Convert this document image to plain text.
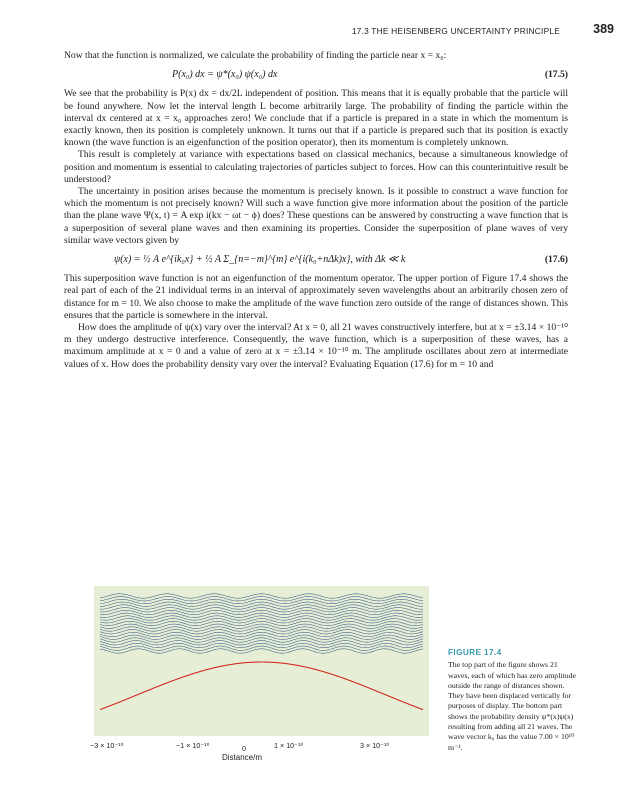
17.3 THE HEISENBERG UNCERTAINTY PRINCIPLE	389

Now that the function is normalized, we calculate the probability of finding the particle near x = x₀:

P(x₀) dx = ψ*(x₀) ψ(x₀) dx	(17.5)

We see that the probability is P(x) dx = dx/2L independent of position. This means that it is equally probable that the particle will be found anywhere. Now let the interval length L become arbitrarily large. The probability of finding the particle within the interval dx centered at x = x₀ approaches zero! We conclude that if a particle is prepared in a state in which the momentum is exactly known, then its position is completely unknown. It turns out that if a particle is prepared such that its position is exactly known (the wave function is an eigenfunction of the position operator), then its momentum is completely unknown.

This result is completely at variance with expectations based on classical mechanics, because a simultaneous knowledge of position and momentum is essential to calculating trajectories of particles subject to forces. How can this counterintuitive result be understood?

The uncertainty in position arises because the momentum is precisely known. Is it possible to construct a wave function for which the momentum is not precisely known? Will such a wave function give more information about the position of the particle than the plane wave Ψ(x, t) = A exp i(kx − ωt − ϕ) does? These questions can be answered by constructing a wave function that is a superposition of several plane waves and then examining its properties. Consider the superposition of plane waves of very similar wave vectors given by

ψ(x) = ½ A e^{ik₀x} + ½ A Σ_{n=−m}^{m} e^{i(k₀+nΔk)x}, with Δk ≪ k	(17.6)

This superposition wave function is not an eigenfunction of the momentum operator. The upper portion of Figure 17.4 shows the real part of each of the 21 individual terms in an interval of approximately seven wavelengths about an arbitrarily chosen zero of distance for m = 10. We also choose to make the amplitude of the wave function zero outside of the range of distances shown. This ensures that the particle is somewhere in the interval.

How does the amplitude of ψ(x) vary over the interval? At x = 0, all 21 waves constructively interfere, but at x = ±3.14 × 10⁻¹⁰ m they undergo destructive interference. Consequently, the wave function, which is a superposition of these waves, has a maximum amplitude at x = 0 and a value of zero at x = ±3.14 × 10⁻¹⁰ m. The amplitude oscillates about zero at intermediate values of x. How does the probability density vary over the interval? Evaluating Equation (17.6) for m = 10 and

−3 × 10⁻¹⁰	−1 × 10⁻¹⁰	0	1 × 10⁻¹⁰	3 × 10⁻¹⁰
Distance/m
FIGURE 17.4
The top part of the figure shows 21 waves, each of which has zero amplitude outside the range of distances shown. They have been displaced vertically for purposes of display. The bottom part shows the probability density ψ*(x)ψ(x) resulting from adding all 21 waves. The wave vector k₀ has the value 7.00 × 10¹⁰ m⁻¹.
